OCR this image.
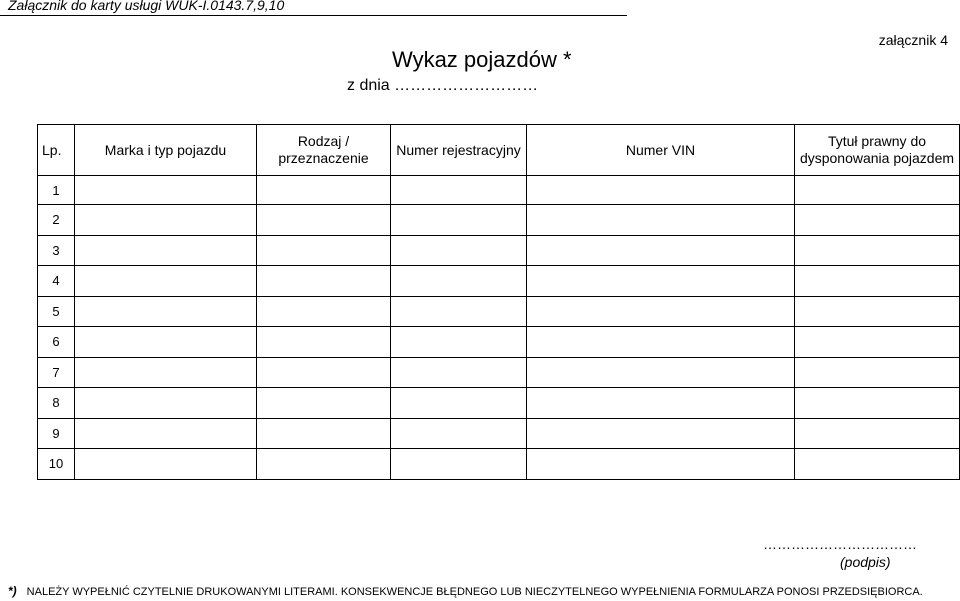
Załącznik do karty usługi WUK-I.0143.7,9,10
załącznik 4
Wykaz pojazdów *
z dnia ………………………
Lp.	Marka i typ pojazdu	Rodzaj / przeznaczenie	Numer rejestracyjny	Numer VIN	Tytuł prawny do dysponowania pojazdem
1					
2					
3					
4					
5					
6					
7					
8					
9					
10					
……………………………
(podpis)
*) NALEŻY WYPEŁNIĆ CZYTELNIE DRUKOWANYMI LITERAMI. KONSEKWENCJE BŁĘDNEGO LUB NIECZYTELNEGO WYPEŁNIENIA FORMULARZA PONOSI PRZEDSIĘBIORCA.
